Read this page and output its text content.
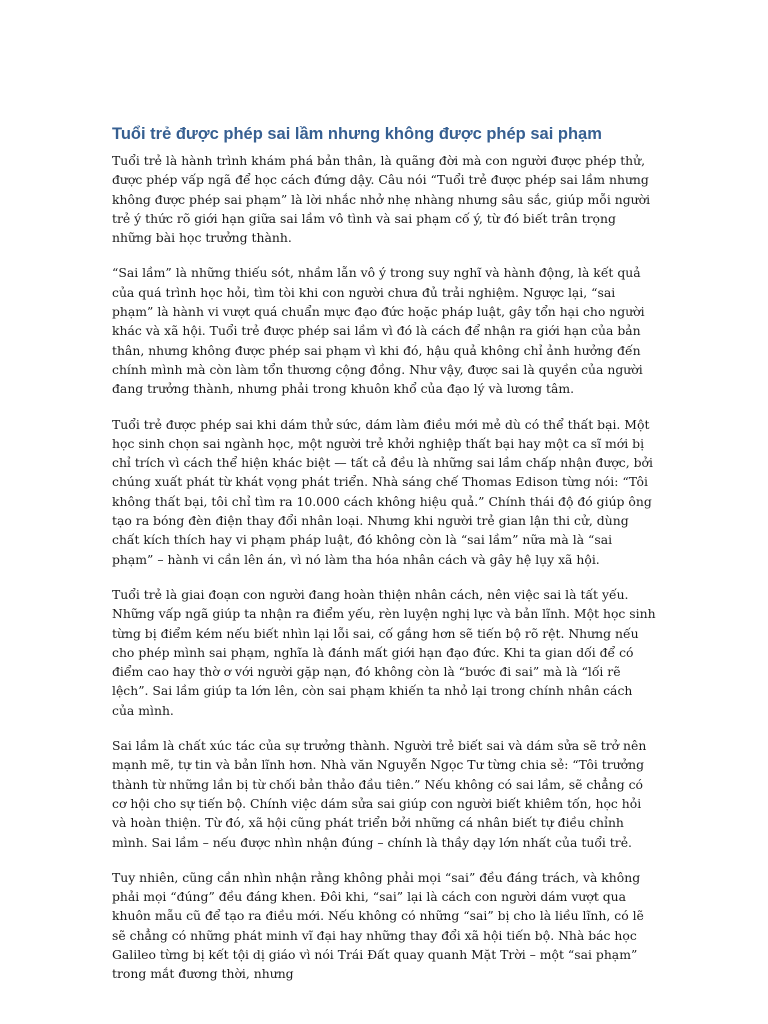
Tuổi trẻ được phép sai lầm nhưng không được phép sai phạm

Tuổi trẻ là hành trình khám phá bản thân, là quãng đời mà con người được phép thử, được phép vấp ngã để học cách đứng dậy. Câu nói “Tuổi trẻ được phép sai lầm nhưng không được phép sai phạm” là lời nhắc nhở nhẹ nhàng nhưng sâu sắc, giúp mỗi người trẻ ý thức rõ giới hạn giữa sai lầm vô tình và sai phạm cố ý, từ đó biết trân trọng những bài học trưởng thành.

“Sai lầm” là những thiếu sót, nhầm lẫn vô ý trong suy nghĩ và hành động, là kết quả của quá trình học hỏi, tìm tòi khi con người chưa đủ trải nghiệm. Ngược lại, “sai phạm” là hành vi vượt quá chuẩn mực đạo đức hoặc pháp luật, gây tổn hại cho người khác và xã hội. Tuổi trẻ được phép sai lầm vì đó là cách để nhận ra giới hạn của bản thân, nhưng không được phép sai phạm vì khi đó, hậu quả không chỉ ảnh hưởng đến chính mình mà còn làm tổn thương cộng đồng. Như vậy, được sai là quyền của người đang trưởng thành, nhưng phải trong khuôn khổ của đạo lý và lương tâm.

Tuổi trẻ được phép sai khi dám thử sức, dám làm điều mới mẻ dù có thể thất bại. Một học sinh chọn sai ngành học, một người trẻ khởi nghiệp thất bại hay một ca sĩ mới bị chỉ trích vì cách thể hiện khác biệt — tất cả đều là những sai lầm chấp nhận được, bởi chúng xuất phát từ khát vọng phát triển. Nhà sáng chế Thomas Edison từng nói: “Tôi không thất bại, tôi chỉ tìm ra 10.000 cách không hiệu quả.” Chính thái độ đó giúp ông tạo ra bóng đèn điện thay đổi nhân loại. Nhưng khi người trẻ gian lận thi cử, dùng chất kích thích hay vi phạm pháp luật, đó không còn là “sai lầm” nữa mà là “sai phạm” – hành vi cần lên án, vì nó làm tha hóa nhân cách và gây hệ lụy xã hội.

Tuổi trẻ là giai đoạn con người đang hoàn thiện nhân cách, nên việc sai là tất yếu. Những vấp ngã giúp ta nhận ra điểm yếu, rèn luyện nghị lực và bản lĩnh. Một học sinh từng bị điểm kém nếu biết nhìn lại lỗi sai, cố gắng hơn sẽ tiến bộ rõ rệt. Nhưng nếu cho phép mình sai phạm, nghĩa là đánh mất giới hạn đạo đức. Khi ta gian dối để có điểm cao hay thờ ơ với người gặp nạn, đó không còn là “bước đi sai” mà là “lối rẽ lệch”. Sai lầm giúp ta lớn lên, còn sai phạm khiến ta nhỏ lại trong chính nhân cách của mình.

Sai lầm là chất xúc tác của sự trưởng thành. Người trẻ biết sai và dám sửa sẽ trở nên mạnh mẽ, tự tin và bản lĩnh hơn. Nhà văn Nguyễn Ngọc Tư từng chia sẻ: “Tôi trưởng thành từ những lần bị từ chối bản thảo đầu tiên.” Nếu không có sai lầm, sẽ chẳng có cơ hội cho sự tiến bộ. Chính việc dám sửa sai giúp con người biết khiêm tốn, học hỏi và hoàn thiện. Từ đó, xã hội cũng phát triển bởi những cá nhân biết tự điều chỉnh mình. Sai lầm – nếu được nhìn nhận đúng – chính là thầy dạy lớn nhất của tuổi trẻ.

Tuy nhiên, cũng cần nhìn nhận rằng không phải mọi “sai” đều đáng trách, và không phải mọi “đúng” đều đáng khen. Đôi khi, “sai” lại là cách con người dám vượt qua khuôn mẫu cũ để tạo ra điều mới. Nếu không có những “sai” bị cho là liều lĩnh, có lẽ sẽ chẳng có những phát minh vĩ đại hay những thay đổi xã hội tiến bộ. Nhà bác học Galileo từng bị kết tội dị giáo vì nói Trái Đất quay quanh Mặt Trời – một “sai phạm” trong mắt đương thời, nhưng
